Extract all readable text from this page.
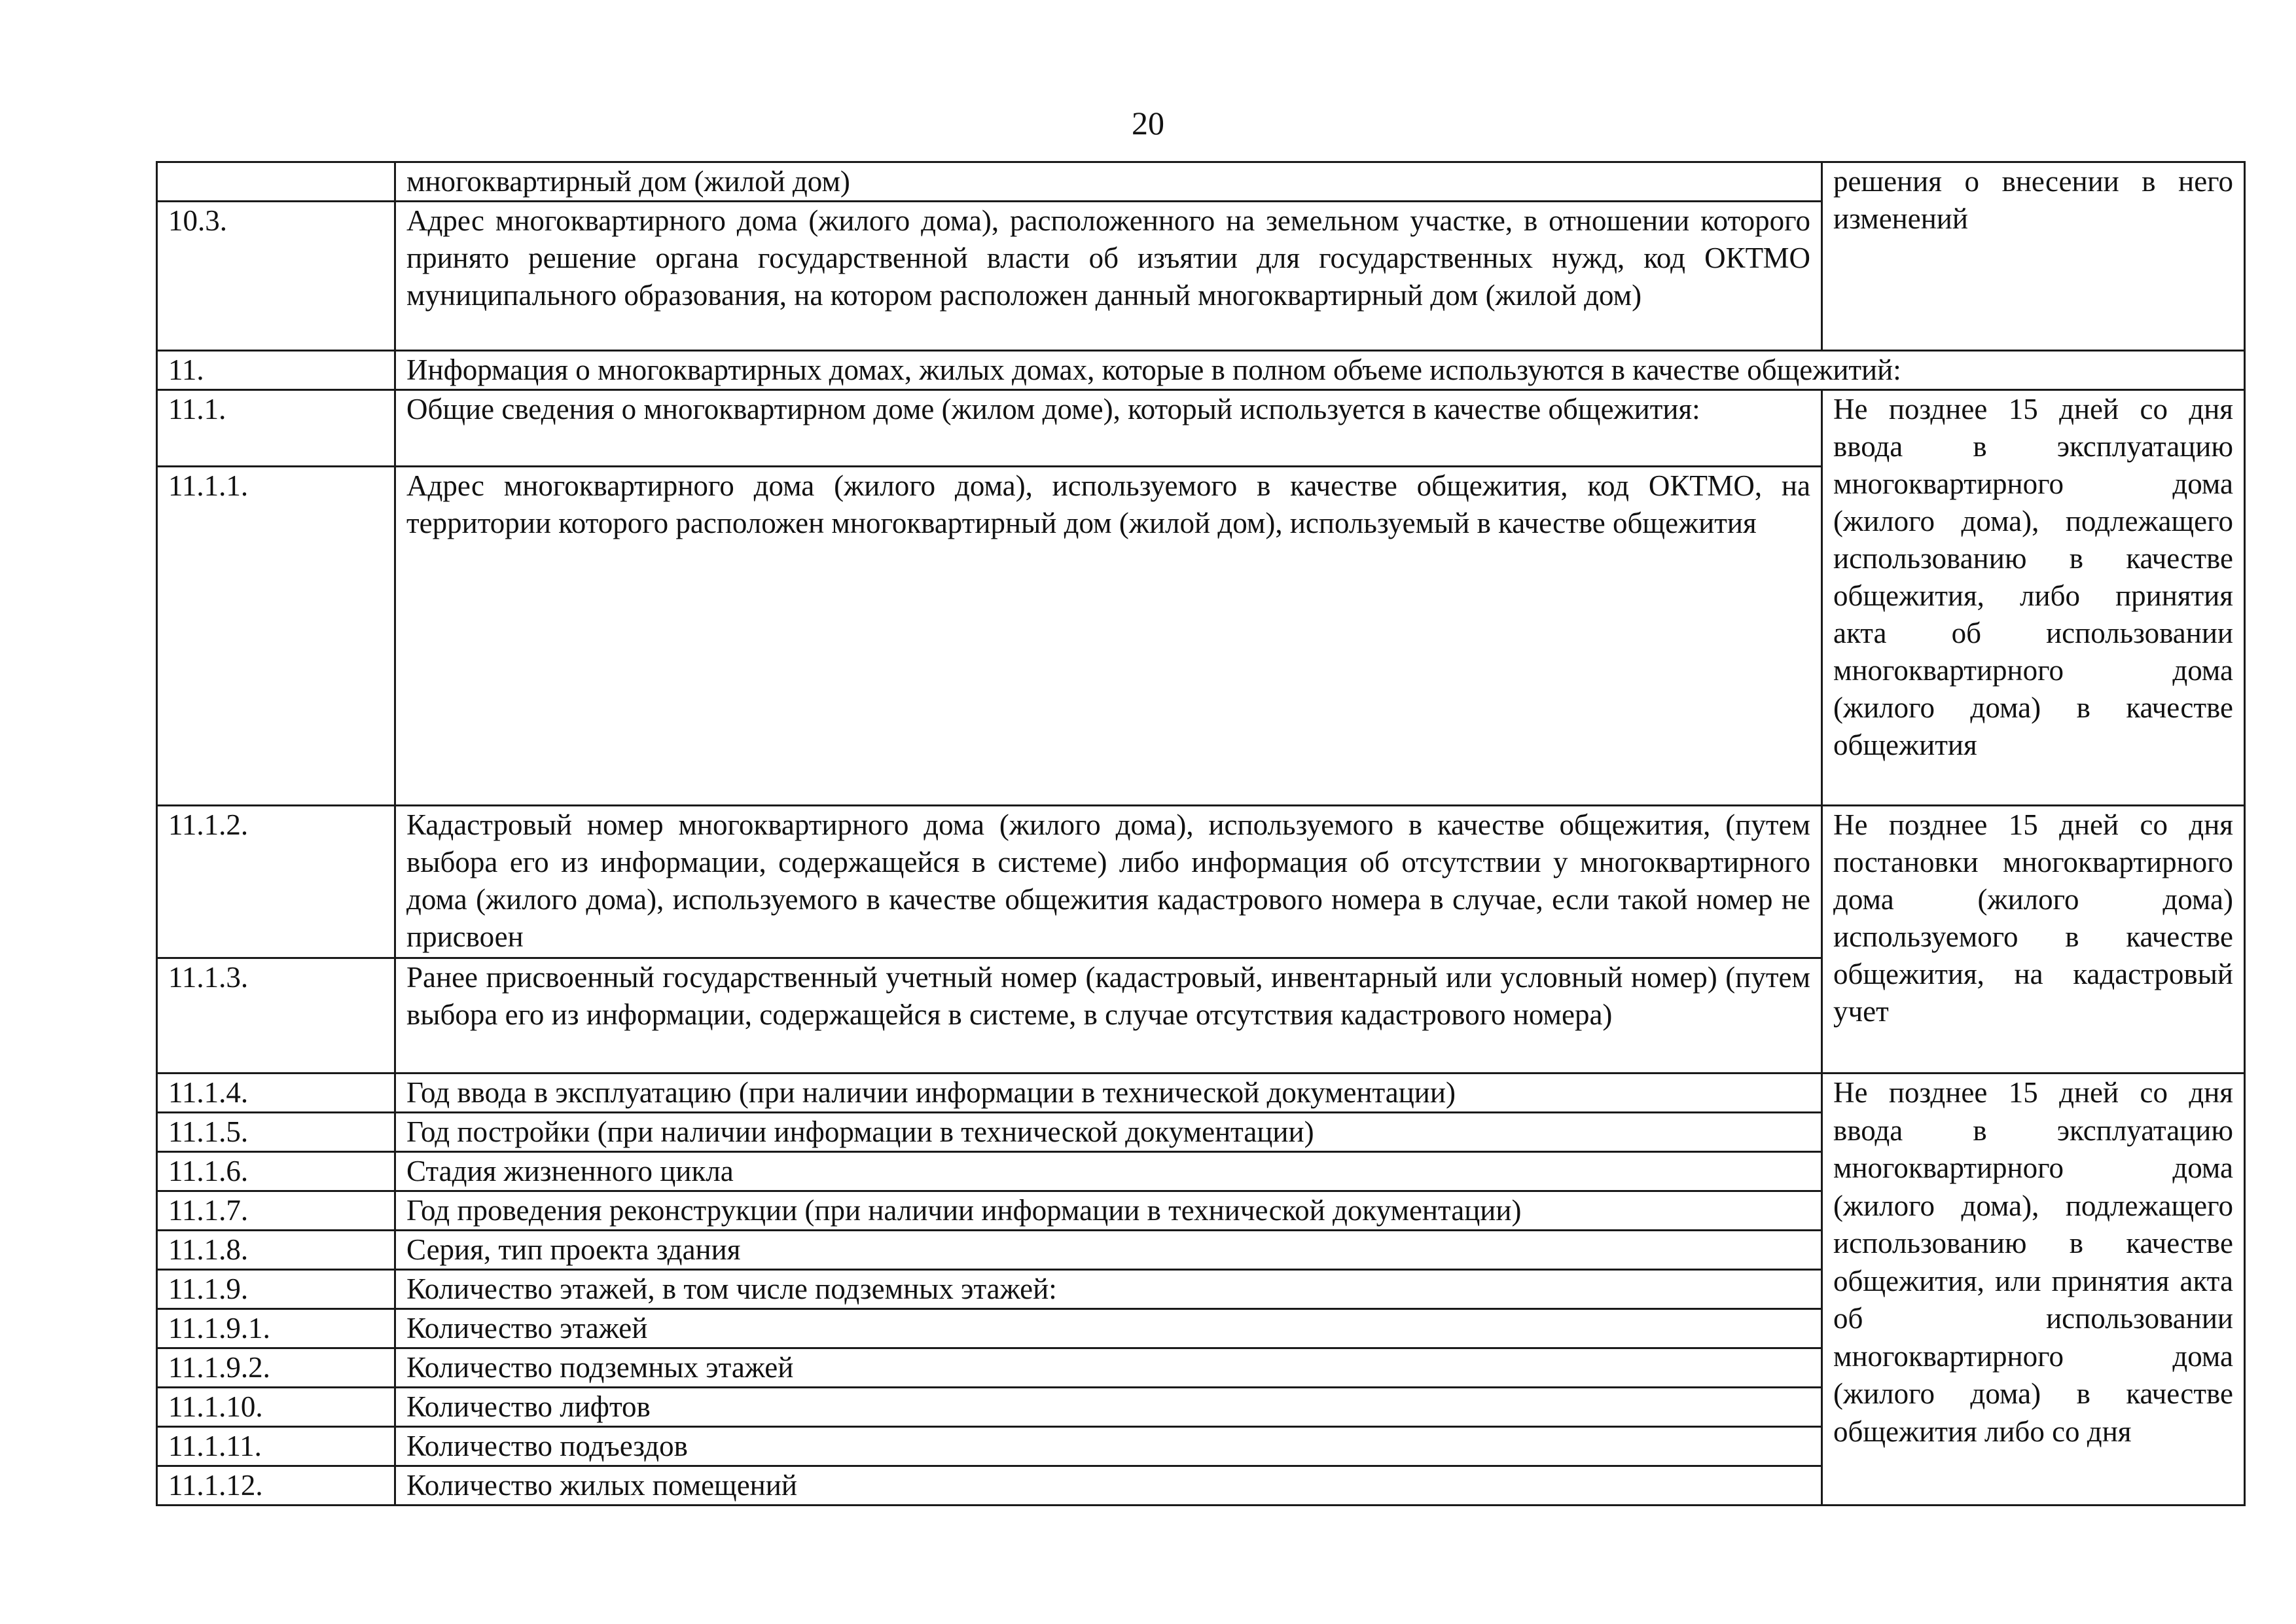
20
	многоквартирный дом (жилой дом)	решения о внесении в него изменений
10.3.	Адрес многоквартирного дома (жилого дома), расположенного на земельном участке, в отношении которого принято решение органа государственной власти об изъятии для государственных нужд, код ОКТМО муниципального образования, на котором расположен данный многоквартирный дом (жилой дом)	
11.	Информация о многоквартирных домах, жилых домах, которые в полном объеме используются в качестве общежитий:	
11.1.	Общие сведения о многоквартирном доме (жилом доме), который используется в качестве общежития:	Не позднее 15 дней со дня ввода в эксплуатацию многоквартирного дома (жилого дома), подлежащего использованию в качестве общежития, либо принятия акта об использовании многоквартирного дома (жилого дома) в качестве общежития
11.1.1.	Адрес многоквартирного дома (жилого дома), используемого в качестве общежития, код ОКТМО, на территории которого расположен многоквартирный дом (жилой дом), используемый в качестве общежития	
11.1.2.	Кадастровый номер многоквартирного дома (жилого дома), используемого в качестве общежития, (путем выбора его из информации, содержащейся в системе) либо информация об отсутствии у многоквартирного дома (жилого дома), используемого в качестве общежития кадастрового номера в случае, если такой номер не присвоен	Не позднее 15 дней со дня постановки многоквартирного дома (жилого дома) используемого в качестве общежития, на кадастровый учет
11.1.3.	Ранее присвоенный государственный учетный номер (кадастровый, инвентарный или условный номер) (путем выбора его из информации, содержащейся в системе, в случае отсутствия кадастрового номера)	
11.1.4.	Год ввода в эксплуатацию (при наличии информации в технической документации)	Не позднее 15 дней со дня ввода в эксплуатацию многоквартирного дома (жилого дома), подлежащего использованию в качестве общежития, или принятия акта об использовании многоквартирного дома (жилого дома) в качестве общежития либо со дня
11.1.5.	Год постройки (при наличии информации в технической документации)	
11.1.6.	Стадия жизненного цикла	
11.1.7.	Год проведения реконструкции (при наличии информации в технической документации)	
11.1.8.	Серия, тип проекта здания	
11.1.9.	Количество этажей, в том числе подземных этажей:	
11.1.9.1.	Количество этажей	
11.1.9.2.	Количество подземных этажей	
11.1.10.	Количество лифтов	
11.1.11.	Количество подъездов	
11.1.12.	Количество жилых помещений	
